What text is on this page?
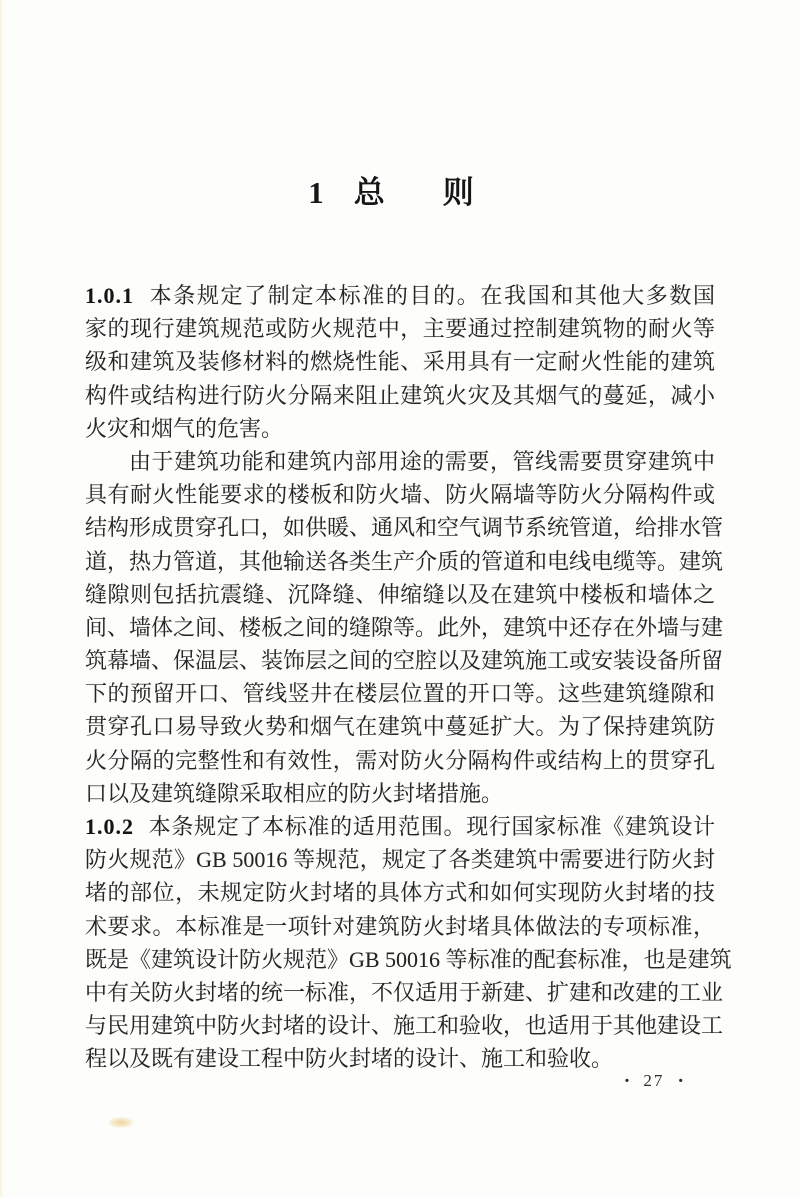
1 总 则
1.0.1 本条规定了制定本标准的目的。在我国和其他大多数国
家的现行建筑规范或防火规范中，主要通过控制建筑物的耐火等
级和建筑及装修材料的燃烧性能、采用具有一定耐火性能的建筑
构件或结构进行防火分隔来阻止建筑火灾及其烟气的蔓延，减小
火灾和烟气的危害。
由于建筑功能和建筑内部用途的需要，管线需要贯穿建筑中
具有耐火性能要求的楼板和防火墙、防火隔墙等防火分隔构件或
结构形成贯穿孔口，如供暖、通风和空气调节系统管道，给排水管
道，热力管道，其他输送各类生产介质的管道和电线电缆等。建筑
缝隙则包括抗震缝、沉降缝、伸缩缝以及在建筑中楼板和墙体之
间、墙体之间、楼板之间的缝隙等。此外，建筑中还存在外墙与建
筑幕墙、保温层、装饰层之间的空腔以及建筑施工或安装设备所留
下的预留开口、管线竖井在楼层位置的开口等。这些建筑缝隙和
贯穿孔口易导致火势和烟气在建筑中蔓延扩大。为了保持建筑防
火分隔的完整性和有效性，需对防火分隔构件或结构上的贯穿孔
口以及建筑缝隙采取相应的防火封堵措施。
1.0.2 本条规定了本标准的适用范围。现行国家标准《建筑设计
防火规范》GB 50016 等规范，规定了各类建筑中需要进行防火封
堵的部位，未规定防火封堵的具体方式和如何实现防火封堵的技
术要求。本标准是一项针对建筑防火封堵具体做法的专项标准，
既是《建筑设计防火规范》GB 50016 等标准的配套标准，也是建筑
中有关防火封堵的统一标准，不仅适用于新建、扩建和改建的工业
与民用建筑中防火封堵的设计、施工和验收，也适用于其他建设工
程以及既有建设工程中防火封堵的设计、施工和验收。
· 27 ·
